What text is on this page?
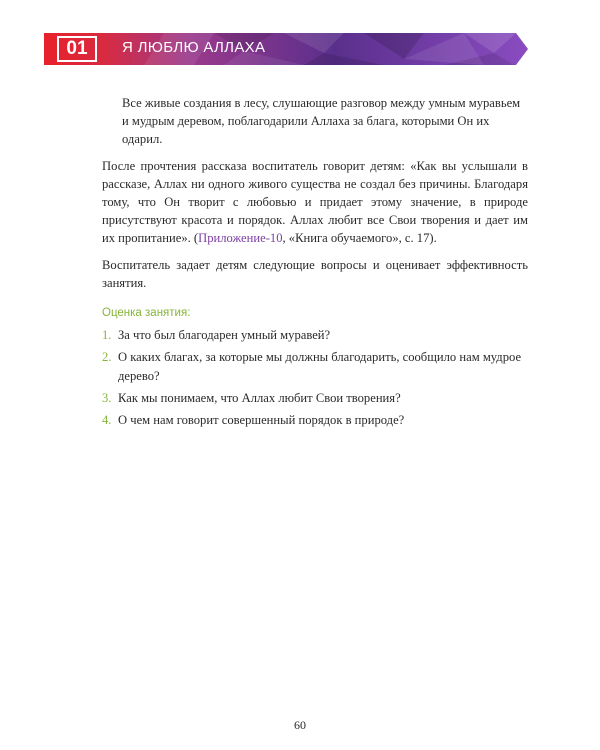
01	Я ЛЮБЛЮ АЛЛАХА

Все живые создания в лесу, слушающие разговор между умным муравьем и мудрым деревом, поблагодарили Аллаха за блага, которыми Он их одарил.

После прочтения рассказа воспитатель говорит детям: «Как вы услышали в рассказе, Аллах ни одного живого существа не создал без причины. Благодаря тому, что Он творит с любовью и придает этому значение, в природе присутствуют красота и порядок. Аллах любит все Свои творения и дает им их пропитание». (Приложение-10, «Книга обучаемого», с. 17).

Воспитатель задает детям следующие вопросы и оценивает эффективность занятия.

Оценка занятия:
1. За что был благодарен умный муравей?
2. О каких благах, за которые мы должны благодарить, сообщило нам мудрое дерево?
3. Как мы понимаем, что Аллах любит Свои творения?
4. О чем нам говорит совершенный порядок в природе?
60
